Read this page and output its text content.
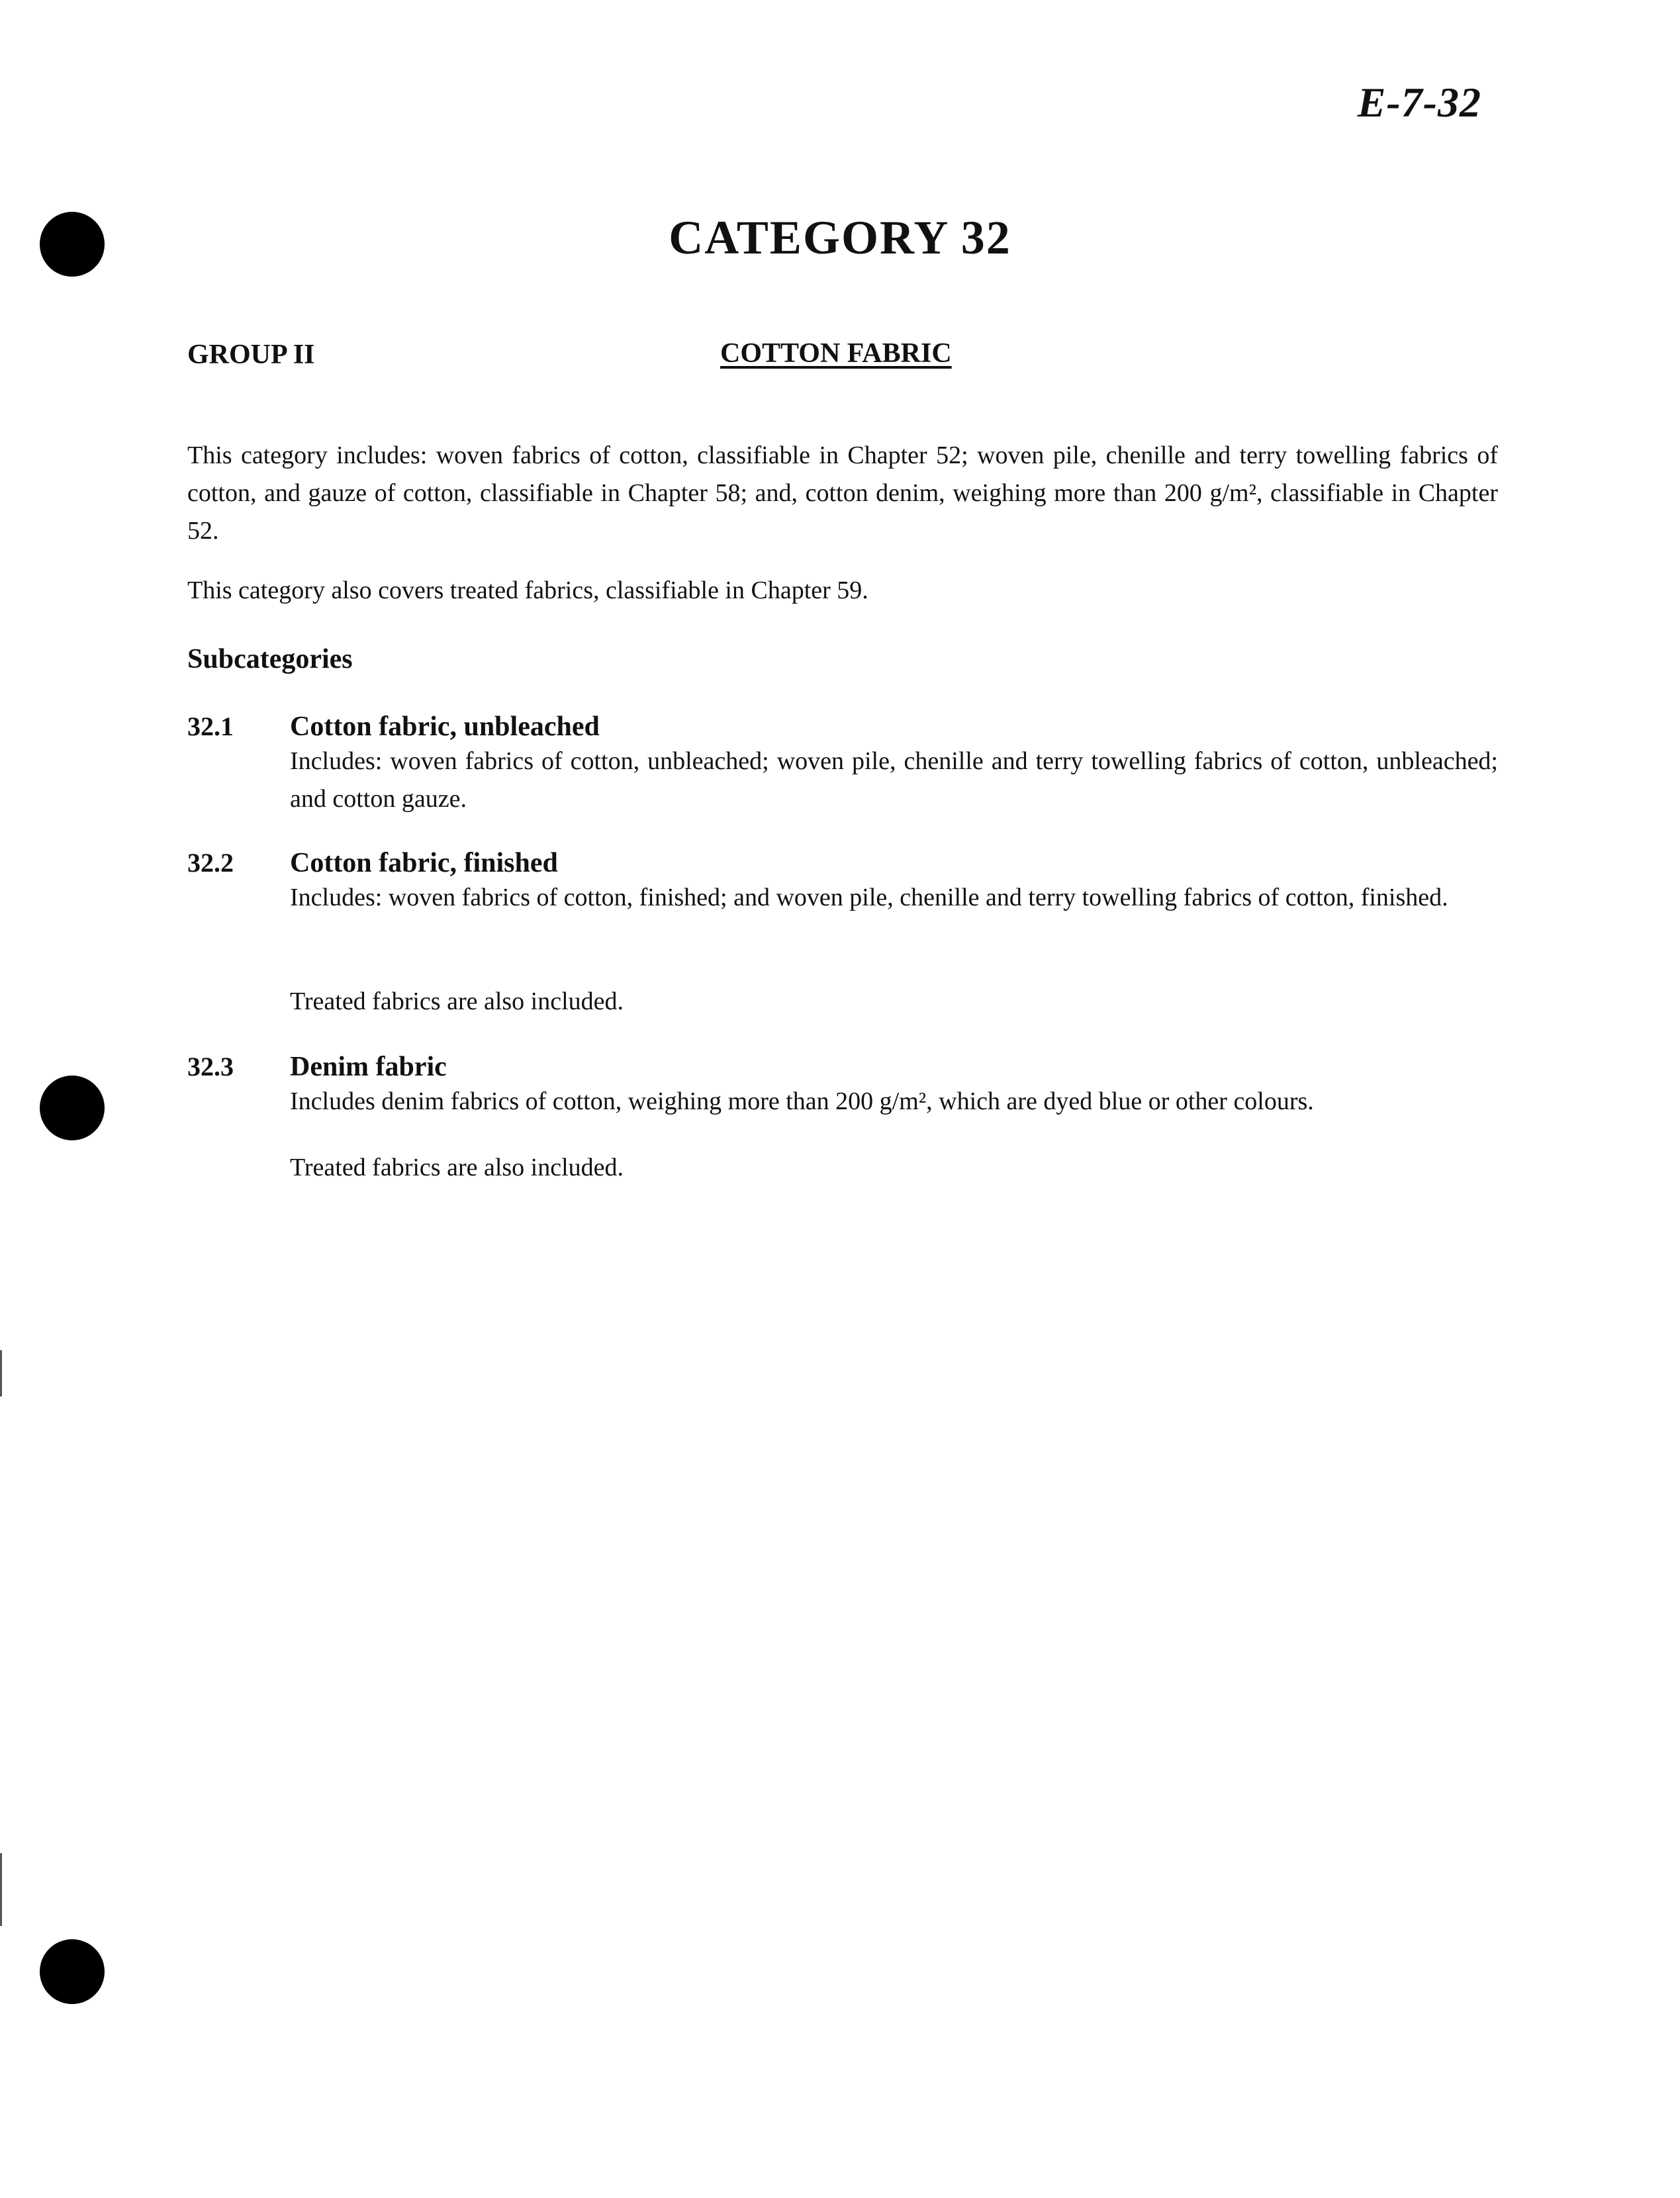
E-7-32
CATEGORY 32
GROUP II	COTTON FABRIC
This category includes: woven fabrics of cotton, classifiable in Chapter 52; woven pile, chenille and terry towelling fabrics of cotton, and gauze of cotton, classifiable in Chapter 58; and, cotton denim, weighing more than 200 g/m², classifiable in Chapter 52.
This category also covers treated fabrics, classifiable in Chapter 59.
Subcategories
32.1 Cotton fabric, unbleached
Includes: woven fabrics of cotton, unbleached; woven pile, chenille and terry towelling fabrics of cotton, unbleached; and cotton gauze.
32.2 Cotton fabric, finished
Includes: woven fabrics of cotton, finished; and woven pile, chenille and terry towelling fabrics of cotton, finished.
Treated fabrics are also included.
32.3 Denim fabric
Includes denim fabrics of cotton, weighing more than 200 g/m², which are dyed blue or other colours.
Treated fabrics are also included.
